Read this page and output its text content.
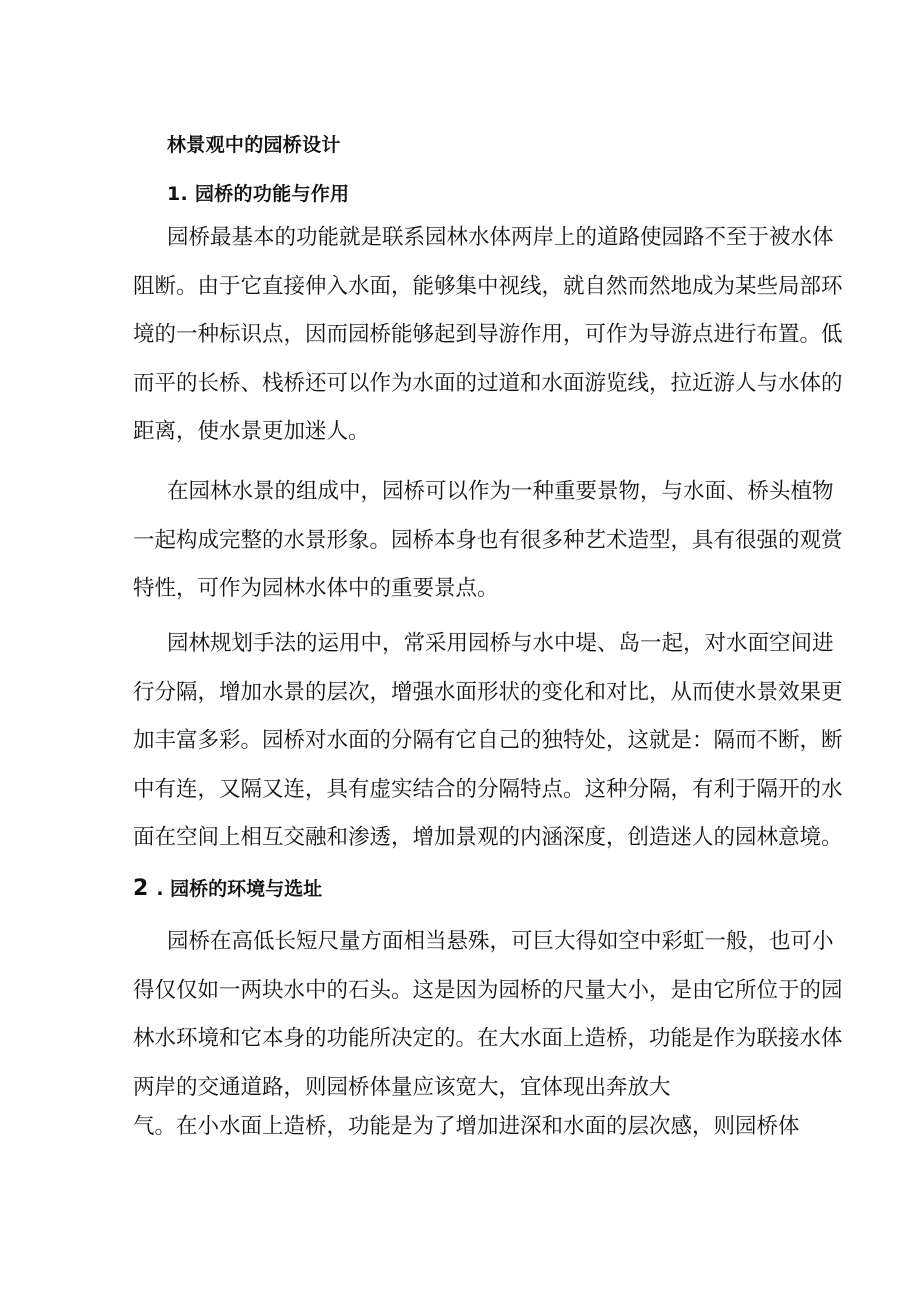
林景观中的园桥设计
1. 园桥的功能与作用
园桥最基本的功能就是联系园林水体两岸上的道路使园路不至于被水体
阻断。由于它直接伸入水面，能够集中视线，就自然而然地成为某些局部环
境的一种标识点，因而园桥能够起到导游作用，可作为导游点进行布置。低
而平的长桥、栈桥还可以作为水面的过道和水面游览线，拉近游人与水体的
距离，使水景更加迷人。
在园林水景的组成中，园桥可以作为一种重要景物，与水面、桥头植物
一起构成完整的水景形象。园桥本身也有很多种艺术造型，具有很强的观赏
特性，可作为园林水体中的重要景点。
园林规划手法的运用中，常采用园桥与水中堤、岛一起，对水面空间进
行分隔，增加水景的层次，增强水面形状的变化和对比，从而使水景效果更
加丰富多彩。园桥对水面的分隔有它自己的独特处，这就是：隔而不断，断
中有连，又隔又连，具有虚实结合的分隔特点。这种分隔，有利于隔开的水
面在空间上相互交融和渗透，增加景观的内涵深度，创造迷人的园林意境。
2 . 园桥的环境与选址
园桥在高低长短尺量方面相当悬殊，可巨大得如空中彩虹一般，也可小
得仅仅如一两块水中的石头。这是因为园桥的尺量大小，是由它所位于的园
林水环境和它本身的功能所决定的。在大水面上造桥，功能是作为联接水体
两岸的交通道路，则园桥体量应该宽大，宜体现出奔放大
气。在小水面上造桥，功能是为了增加进深和水面的层次感，则园桥体
